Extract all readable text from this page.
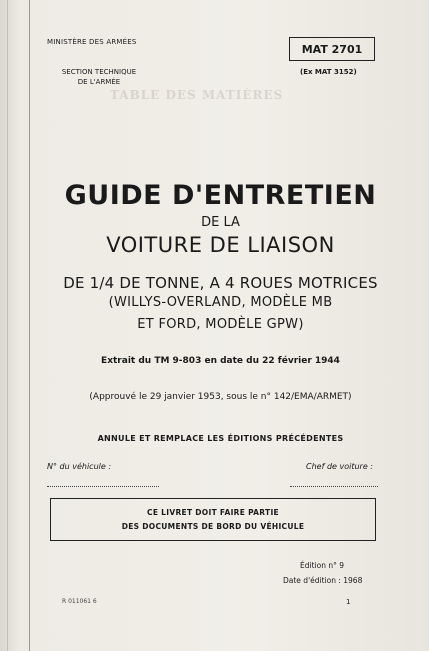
TABLE DES MATIÈRES
MINISTÈRE DES ARMÉES
SECTION TECHNIQUE
DE L'ARMÉE
MAT 2701
(Ex MAT 3152)
GUIDE D'ENTRETIEN
DE LA
VOITURE DE LIAISON
DE 1/4 DE TONNE, A 4 ROUES MOTRICES
(WILLYS-OVERLAND, MODÈLE MB
ET FORD, MODÈLE GPW)
Extrait du TM 9-803 en date du 22 février 1944
(Approuvé le 29 janvier 1953, sous le n° 142/EMA/ARMET)
ANNULE ET REMPLACE LES ÉDITIONS PRÉCÉDENTES
N° du véhicule :	Chef de voiture :
CE LIVRET DOIT FAIRE PARTIE
DES DOCUMENTS DE BORD DU VÉHICULE
Édition n° 9
Date d'édition : 1968
R 011061 6	1
